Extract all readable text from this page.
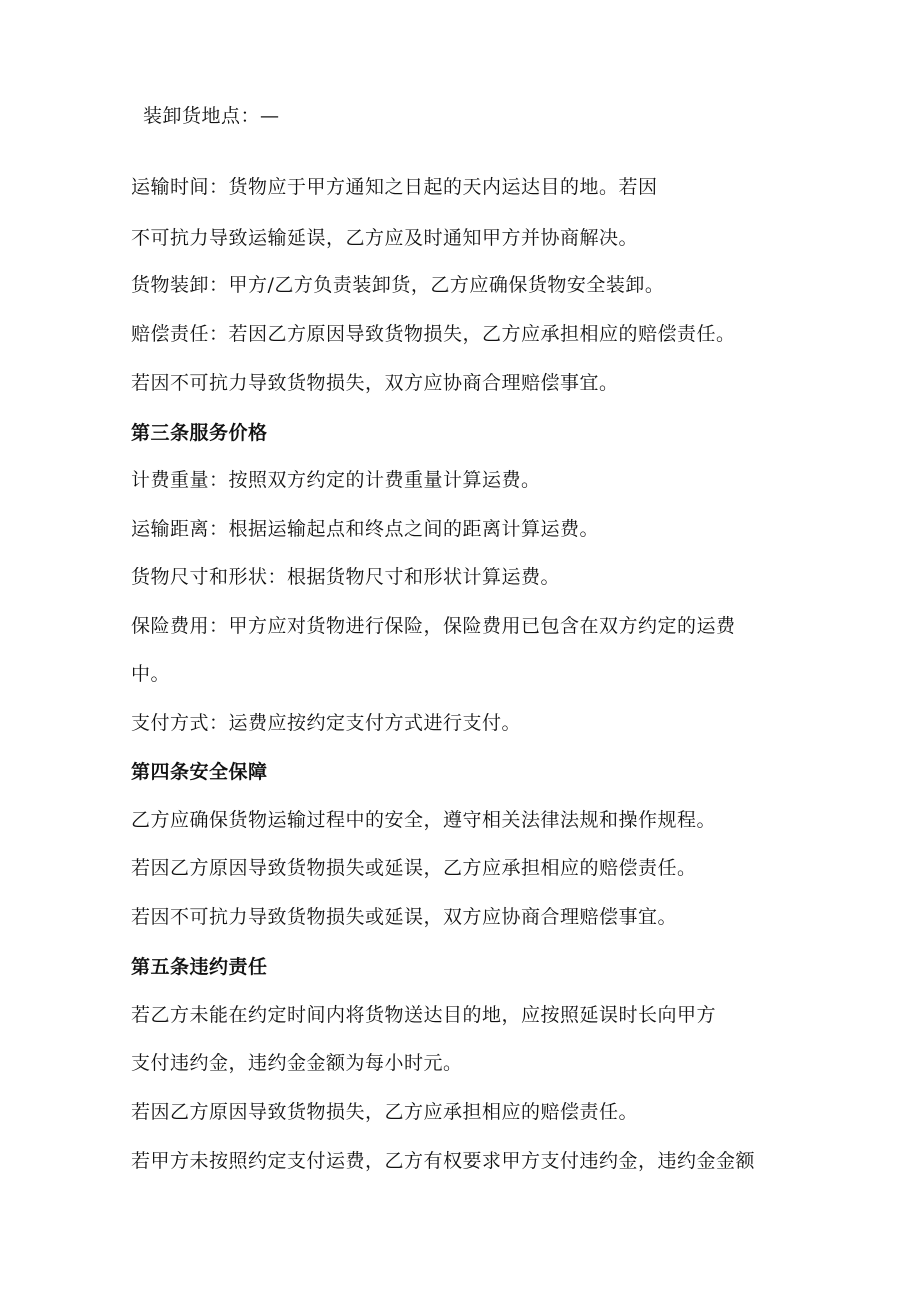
装卸货地点：—

运输时间：货物应于甲方通知之日起的天内运达目的地。若因

不可抗力导致运输延误，乙方应及时通知甲方并协商解决。

货物装卸：甲方/乙方负责装卸货，乙方应确保货物安全装卸。

赔偿责任：若因乙方原因导致货物损失，乙方应承担相应的赔偿责任。

若因不可抗力导致货物损失，双方应协商合理赔偿事宜。

第三条服务价格

计费重量：按照双方约定的计费重量计算运费。

运输距离：根据运输起点和终点之间的距离计算运费。

货物尺寸和形状：根据货物尺寸和形状计算运费。

保险费用：甲方应对货物进行保险，保险费用已包含在双方约定的运费

中。

支付方式：运费应按约定支付方式进行支付。

第四条安全保障

乙方应确保货物运输过程中的安全，遵守相关法律法规和操作规程。

若因乙方原因导致货物损失或延误，乙方应承担相应的赔偿责任。

若因不可抗力导致货物损失或延误，双方应协商合理赔偿事宜。

第五条违约责任

若乙方未能在约定时间内将货物送达目的地，应按照延误时长向甲方

支付违约金，违约金金额为每小时元。

若因乙方原因导致货物损失，乙方应承担相应的赔偿责任。

若甲方未按照约定支付运费，乙方有权要求甲方支付违约金，违约金金额
